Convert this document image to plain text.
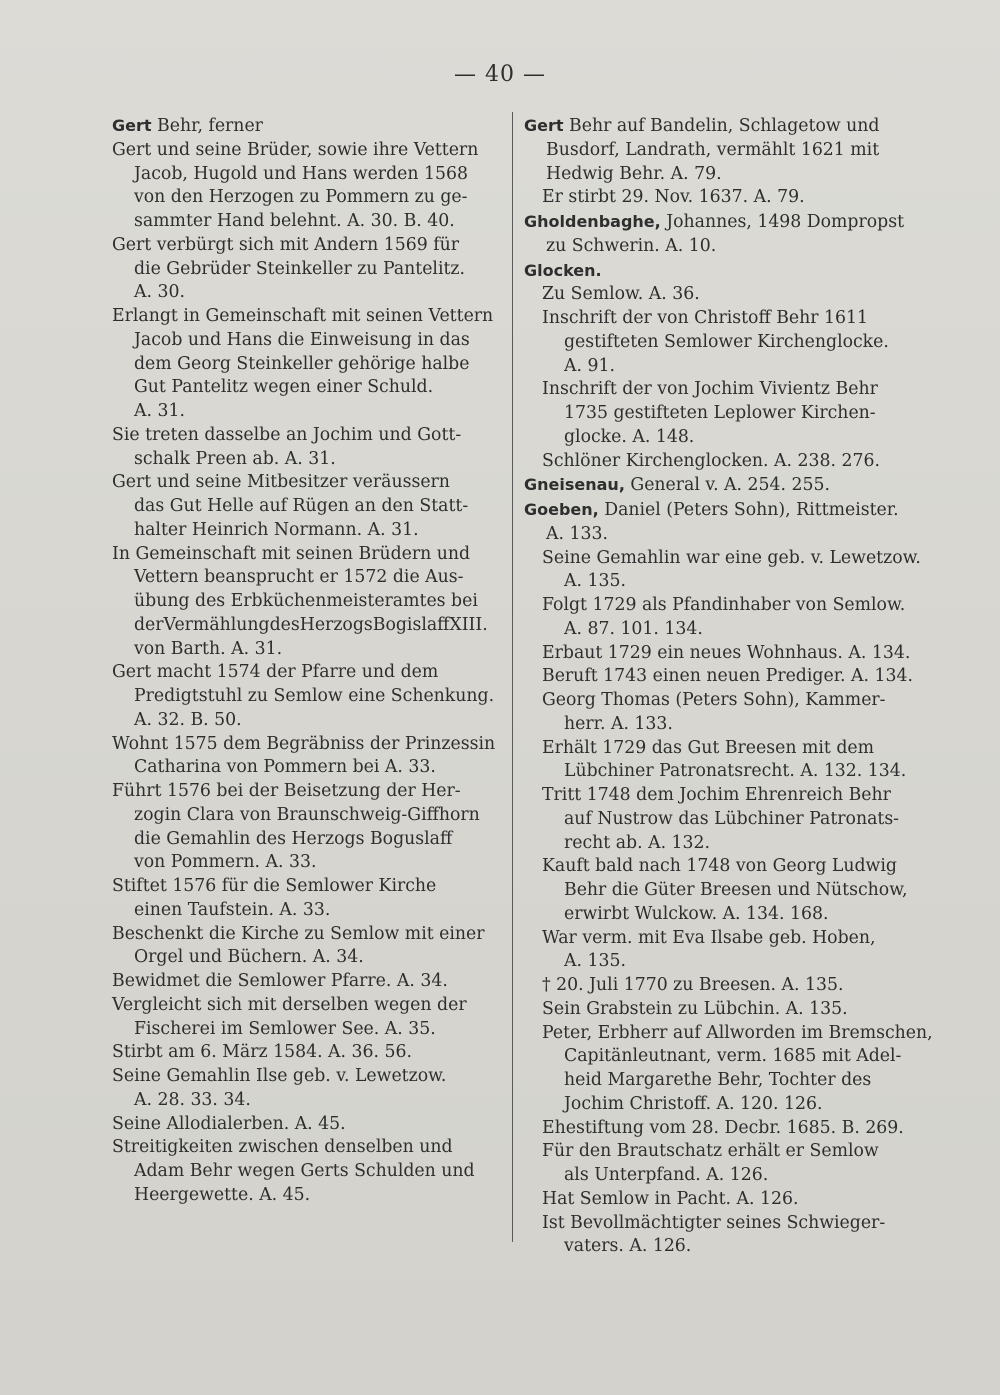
— 40 —
Gert Behr, ferner
Gert und seine Brüder, sowie ihre Vettern
Jacob, Hugold und Hans werden 1568
von den Herzogen zu Pommern zu ge-
sammter Hand belehnt. A. 30. B. 40.
Gert verbürgt sich mit Andern 1569 für
die Gebrüder Steinkeller zu Pantelitz.
A. 30.
Erlangt in Gemeinschaft mit seinen Vettern
Jacob und Hans die Einweisung in das
dem Georg Steinkeller gehörige halbe
Gut Pantelitz wegen einer Schuld.
A. 31.
Sie treten dasselbe an Jochim und Gott-
schalk Preen ab. A. 31.
Gert und seine Mitbesitzer veräussern
das Gut Helle auf Rügen an den Statt-
halter Heinrich Normann. A. 31.
In Gemeinschaft mit seinen Brüdern und
Vettern beansprucht er 1572 die Aus-
übung des Erbküchenmeisteramtes bei
derVermählungdesHerzogsBogislaffXIII.
von Barth. A. 31.
Gert macht 1574 der Pfarre und dem
Predigtstuhl zu Semlow eine Schenkung.
A. 32. B. 50.
Wohnt 1575 dem Begräbniss der Prinzessin
Catharina von Pommern bei A. 33.
Führt 1576 bei der Beisetzung der Her-
zogin Clara von Braunschweig-Giffhorn
die Gemahlin des Herzogs Boguslaff
von Pommern. A. 33.
Stiftet 1576 für die Semlower Kirche
einen Taufstein. A. 33.
Beschenkt die Kirche zu Semlow mit einer
Orgel und Büchern. A. 34.
Bewidmet die Semlower Pfarre. A. 34.
Vergleicht sich mit derselben wegen der
Fischerei im Semlower See. A. 35.
Stirbt am 6. März 1584. A. 36. 56.
Seine Gemahlin Ilse geb. v. Lewetzow.
A. 28. 33. 34.
Seine Allodialerben. A. 45.
Streitigkeiten zwischen denselben und
Adam Behr wegen Gerts Schulden und
Heergewette. A. 45.
Gert Behr auf Bandelin, Schlagetow und
Busdorf, Landrath, vermählt 1621 mit
Hedwig Behr. A. 79.
Er stirbt 29. Nov. 1637. A. 79.
Gholdenbaghe, Johannes, 1498 Dompropst
zu Schwerin. A. 10.
Glocken.
Zu Semlow. A. 36.
Inschrift der von Christoff Behr 1611
gestifteten Semlower Kirchenglocke.
A. 91.
Inschrift der von Jochim Vivientz Behr
1735 gestifteten Leplower Kirchen-
glocke. A. 148.
Schlöner Kirchenglocken. A. 238. 276.
Gneisenau, General v. A. 254. 255.
Goeben, Daniel (Peters Sohn), Rittmeister.
A. 133.
Seine Gemahlin war eine geb. v. Lewetzow.
A. 135.
Folgt 1729 als Pfandinhaber von Semlow.
A. 87. 101. 134.
Erbaut 1729 ein neues Wohnhaus. A. 134.
Beruft 1743 einen neuen Prediger. A. 134.
Georg Thomas (Peters Sohn), Kammer-
herr. A. 133.
Erhält 1729 das Gut Breesen mit dem
Lübchiner Patronatsrecht. A. 132. 134.
Tritt 1748 dem Jochim Ehrenreich Behr
auf Nustrow das Lübchiner Patronats-
recht ab. A. 132.
Kauft bald nach 1748 von Georg Ludwig
Behr die Güter Breesen und Nütschow,
erwirbt Wulckow. A. 134. 168.
War verm. mit Eva Ilsabe geb. Hoben,
A. 135.
† 20. Juli 1770 zu Breesen. A. 135.
Sein Grabstein zu Lübchin. A. 135.
Peter, Erbherr auf Allworden im Bremschen,
Capitänleutnant, verm. 1685 mit Adel-
heid Margarethe Behr, Tochter des
Jochim Christoff. A. 120. 126.
Ehestiftung vom 28. Decbr. 1685. B. 269.
Für den Brautschatz erhält er Semlow
als Unterpfand. A. 126.
Hat Semlow in Pacht. A. 126.
Ist Bevollmächtigter seines Schwieger-
vaters. A. 126.
